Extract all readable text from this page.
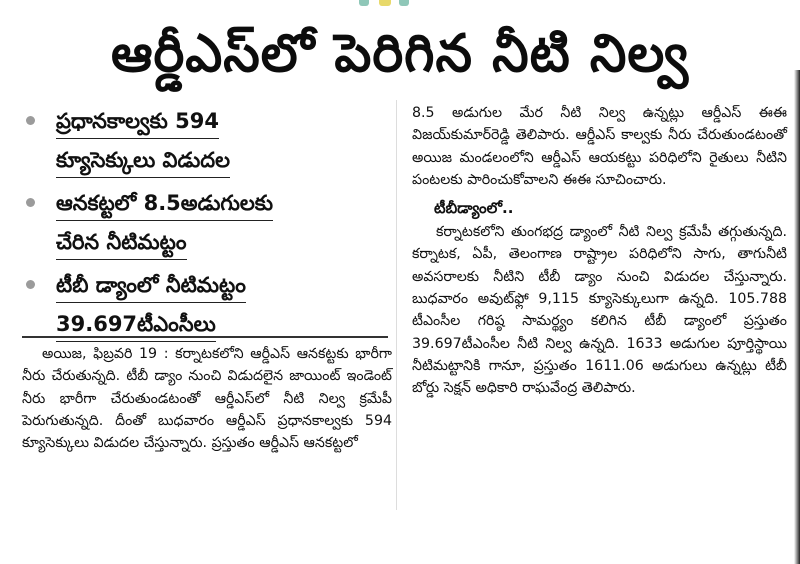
ఆర్డీఎస్‌లో పెరిగిన నీటి నిల్వ
ప్రధానకాల్వకు 594
క్యూసెక్కులు విడుదల
ఆనకట్టలో 8.5అడుగులకు
చేరిన నీటిమట్టం
టీబీ డ్యాంలో నీటిమట్టం
39.697టీఎంసీలు

అయిజ, ఫిబ్రవరి 19 : కర్నాటకలోని ఆర్డీఎస్ ఆనకట్టకు భారీగా నీరు చేరుతున్నది. టీబీ డ్యాం నుంచి విడుదలైన జాయింట్ ఇండెంట్ నీరు భారీగా చేరుతుండటంతో ఆర్డీఎస్‌లో నీటి నిల్వ క్రమేపీ పెరుగుతున్నది. దీంతో బుధవారం ఆర్డీఎస్ ప్రధానకాల్వకు 594 క్యూసెక్కులు విడుదల చేస్తున్నారు. ప్రస్తుతం ఆర్డీఎస్ ఆనకట్టలో

8.5 అడుగుల మేర నీటి నిల్వ ఉన్నట్లు ఆర్డీఎస్ ఈఈ విజయ్‌కుమార్‌రెడ్డి తెలిపారు. ఆర్డీఎస్ కాల్వకు నీరు చేరుతుండటంతో అయిజ మండలంలోని ఆర్డీఎస్ ఆయకట్టు పరిధిలోని రైతులు నీటిని పంటలకు పారించుకోవాలని ఈఈ సూచించారు.

టీబీడ్యాంలో..

కర్నాటకలోని తుంగభద్ర డ్యాంలో నీటి నిల్వ క్రమేపీ తగ్గుతున్నది. కర్నాటక, ఏపీ, తెలంగాణ రాష్ట్రాల పరిధిలోని సాగు, తాగునీటి అవసరాలకు నీటిని టీబీ డ్యాం నుంచి విడుదల చేస్తున్నారు. బుధవారం అవుట్‌ఫ్లో 9,115 క్యూసెక్కులుగా ఉన్నది. 105.788 టీఎంసీల గరిష్ఠ సామర్థ్యం కలిగిన టీబీ డ్యాంలో ప్రస్తుతం 39.697టీఎంసీల నీటి నిల్వ ఉన్నది. 1633 అడుగుల పూర్తిస్థాయి నీటిమట్టానికి గానూ, ప్రస్తుతం 1611.06 అడుగులు ఉన్నట్లు టీబీ బోర్డు సెక్షన్ అధికారి రాఘవేంద్ర తెలిపారు.
